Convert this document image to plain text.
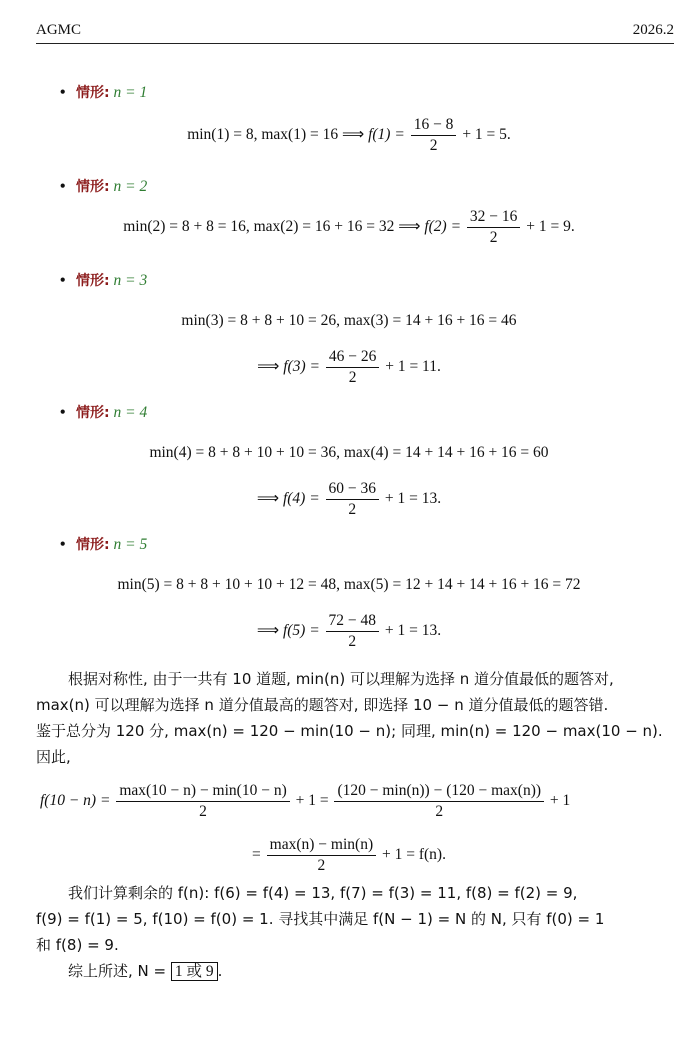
AGMC	2026.2
• 情形: n = 1
min(1) = 8, max(1) = 16 ⟹ $f(1) = \frac{16 - 8}{2} + 1 = 5$.
• 情形: n = 2
min(2) = 8 + 8 = 16, max(2) = 16 + 16 = 32 ⟹ $f(2) = \frac{32 - 16}{2} + 1 = 9$.
• 情形: n = 3
min(3) = 8 + 8 + 10 = 26, max(3) = 14 + 16 + 16 = 46
⟹ $f(3) = \frac{46 - 26}{2} + 1 = 11$.
• 情形: n = 4
min(4) = 8 + 8 + 10 + 10 = 36, max(4) = 14 + 14 + 16 + 16 = 60
⟹ $f(4) = \frac{60 - 36}{2} + 1 = 13$.
• 情形: n = 5
min(5) = 8 + 8 + 10 + 10 + 12 = 48, max(5) = 12 + 14 + 14 + 16 + 16 = 72
⟹ $f(5) = \frac{72 - 48}{2} + 1 = 13$.
根据对称性, 由于一共有 10 道题, min(n) 可以理解为选择 n 道分值最低的题答对,
max(n) 可以理解为选择 n 道分值最高的题答对, 即选择 10 − n 道分值最低的题答错.
鉴于总分为 120 分, max(n) = 120 − min(10 − n); 同理, min(n) = 120 − max(10 − n).
因此,
$f(10 - n) = \frac{\max(10 - n) - \min(10 - n)}{2} + 1 = \frac{(120 - \min(n)) - (120 - \max(n))}{2} + 1$
= $\frac{\max(n) - \min(n)}{2} + 1 = f(n)$.
我们计算剩余的 f(n): f(6) = f(4) = 13, f(7) = f(3) = 11, f(8) = f(2) = 9,
f(9) = f(1) = 5, f(10) = f(0) = 1. 寻找其中满足 f(N − 1) = N 的 N, 只有 f(0) = 1
和 f(8) = 9.
综上所述, N = 1 或 9 .
